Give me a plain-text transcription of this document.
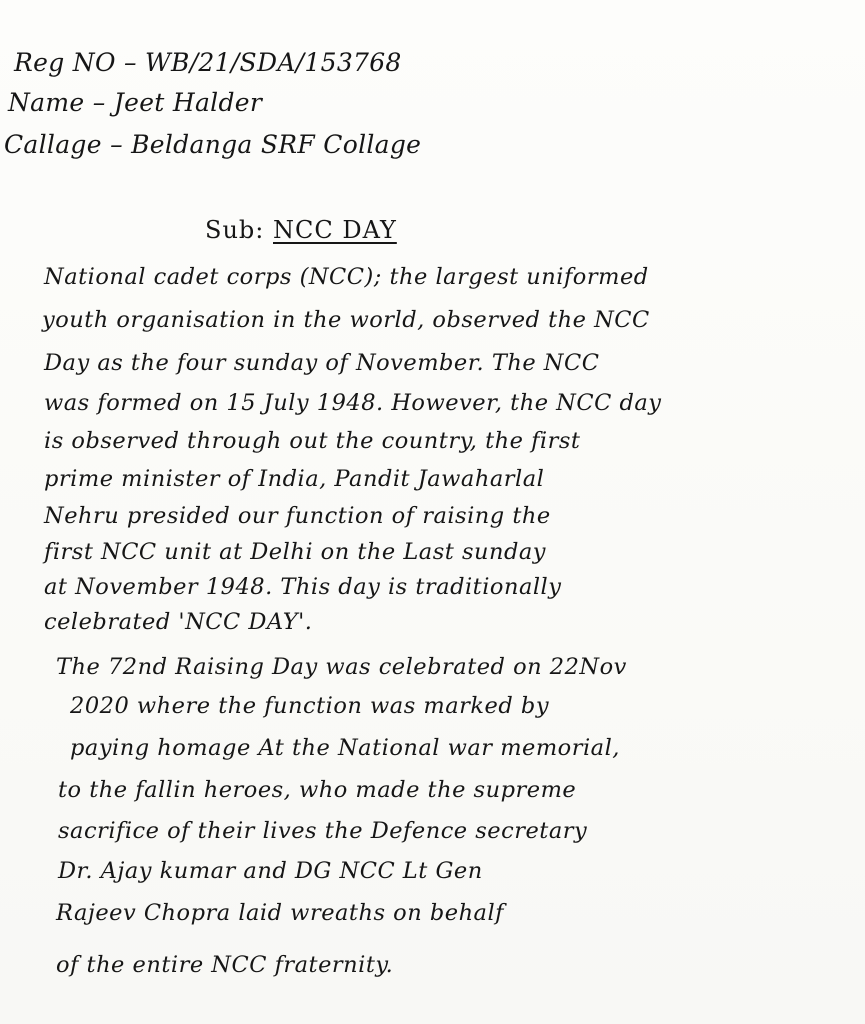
Reg NO – WB/21/SDA/153768
Name – Jeet Halder
Callage – Beldanga SRF Collage
Sub: NCC DAY
National cadet corps (NCC); the largest uniformed
youth organisation in the world, observed the NCC
Day as the four sunday of November. The NCC
was formed on 15 July 1948. However, the NCC day
is observed through out the country, the first
prime minister of India, Pandit Jawaharlal
Nehru presided our function of raising the
first NCC unit at Delhi on the Last sunday
at November 1948. This day is traditionally
celebrated 'NCC DAY'.
The 72nd Raising Day was celebrated on 22Nov
2020 where the function was marked by
paying homage At the National war memorial,
to the fallin heroes, who made the supreme
sacrifice of their lives the Defence secretary
Dr. Ajay kumar and DG NCC Lt Gen
Rajeev Chopra laid wreaths on behalf
of the entire NCC fraternity.
